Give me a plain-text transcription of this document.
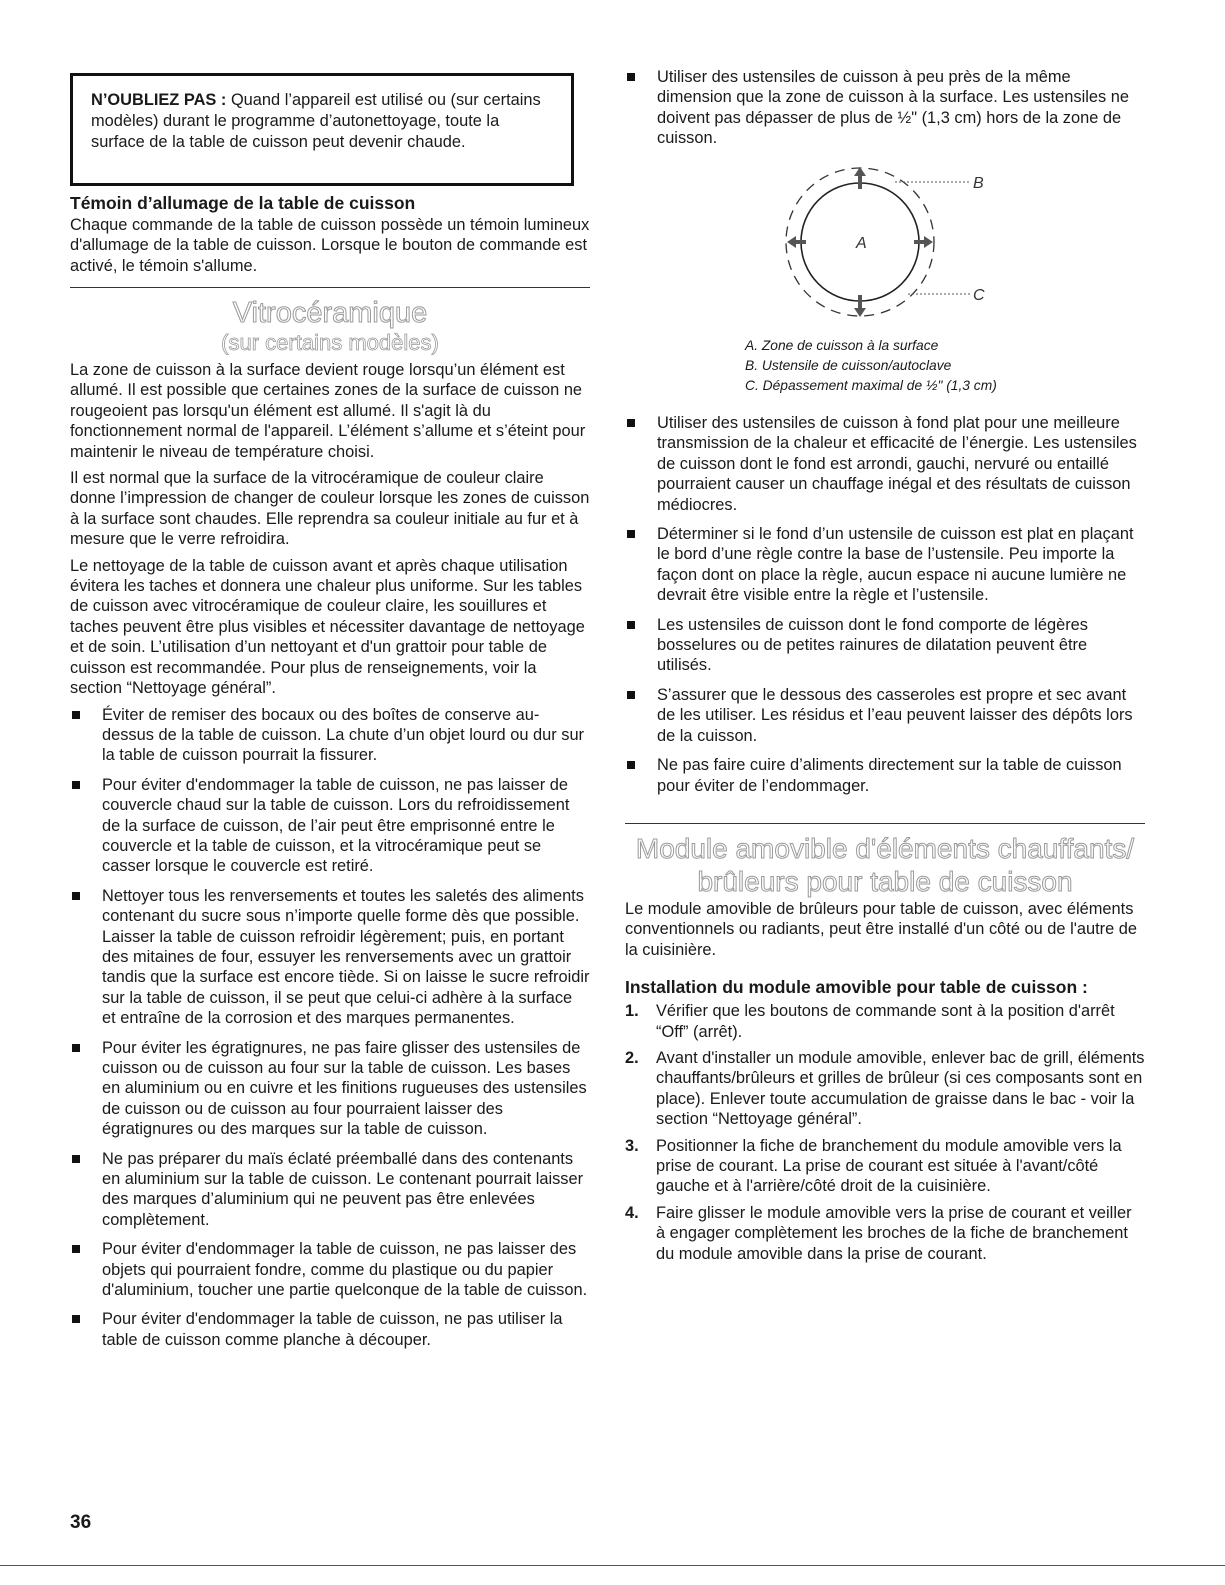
N’OUBLIEZ PAS : Quand l’appareil est utilisé ou (sur certains modèles) durant le programme d’autonettoyage, toute la surface de la table de cuisson peut devenir chaude.

Témoin d’allumage de la table de cuisson

Chaque commande de la table de cuisson possède un témoin lumineux d'allumage de la table de cuisson. Lorsque le bouton de commande est activé, le témoin s'allume.

Vitrocéramique

(sur certains modèles)

La zone de cuisson à la surface devient rouge lorsqu’un élément est allumé. Il est possible que certaines zones de la surface de cuisson ne rougeoient pas lorsqu'un élément est allumé. Il s'agit là du fonctionnement normal de l'appareil. L’élément s’allume et s’éteint pour maintenir le niveau de température choisi.

Il est normal que la surface de la vitrocéramique de couleur claire donne l’impression de changer de couleur lorsque les zones de cuisson à la surface sont chaudes. Elle reprendra sa couleur initiale au fur et à mesure que le verre refroidira.

Le nettoyage de la table de cuisson avant et après chaque utilisation évitera les taches et donnera une chaleur plus uniforme. Sur les tables de cuisson avec vitrocéramique de couleur claire, les souillures et taches peuvent être plus visibles et nécessiter davantage de nettoyage et de soin. L’utilisation d’un nettoyant et d'un grattoir pour table de cuisson est recommandée. Pour plus de renseignements, voir la section “Nettoyage général”.

Éviter de remiser des bocaux ou des boîtes de conserve au-dessus de la table de cuisson. La chute d’un objet lourd ou dur sur la table de cuisson pourrait la fissurer.

Pour éviter d'endommager la table de cuisson, ne pas laisser de couvercle chaud sur la table de cuisson. Lors du refroidissement de la surface de cuisson, de l’air peut être emprisonné entre le couvercle et la table de cuisson, et la vitrocéramique peut se casser lorsque le couvercle est retiré.

Nettoyer tous les renversements et toutes les saletés des aliments contenant du sucre sous n’importe quelle forme dès que possible. Laisser la table de cuisson refroidir légèrement; puis, en portant des mitaines de four, essuyer les renversements avec un grattoir tandis que la surface est encore tiède. Si on laisse le sucre refroidir sur la table de cuisson, il se peut que celui-ci adhère à la surface et entraîne de la corrosion et des marques permanentes.

Pour éviter les égratignures, ne pas faire glisser des ustensiles de cuisson ou de cuisson au four sur la table de cuisson. Les bases en aluminium ou en cuivre et les finitions rugueuses des ustensiles de cuisson ou de cuisson au four pourraient laisser des égratignures ou des marques sur la table de cuisson.

Ne pas préparer du maïs éclaté préemballé dans des contenants en aluminium sur la table de cuisson. Le contenant pourrait laisser des marques d’aluminium qui ne peuvent pas être enlevées complètement.

Pour éviter d'endommager la table de cuisson, ne pas laisser des objets qui pourraient fondre, comme du plastique ou du papier d'aluminium, toucher une partie quelconque de la table de cuisson.

Pour éviter d'endommager la table de cuisson, ne pas utiliser la table de cuisson comme planche à découper.

Utiliser des ustensiles de cuisson à peu près de la même dimension que la zone de cuisson à la surface. Les ustensiles ne doivent pas dépasser de plus de ½" (1,3 cm) hors de la zone de cuisson.

A
B
C

A. Zone de cuisson à la surface

B. Ustensile de cuisson/autoclave

C. Dépassement maximal de ½" (1,3 cm)

Utiliser des ustensiles de cuisson à fond plat pour une meilleure transmission de la chaleur et efficacité de l’énergie. Les ustensiles de cuisson dont le fond est arrondi, gauchi, nervuré ou entaillé pourraient causer un chauffage inégal et des résultats de cuisson médiocres.

Déterminer si le fond d’un ustensile de cuisson est plat en plaçant le bord d’une règle contre la base de l’ustensile. Peu importe la façon dont on place la règle, aucun espace ni aucune lumière ne devrait être visible entre la règle et l’ustensile.

Les ustensiles de cuisson dont le fond comporte de légères bosselures ou de petites rainures de dilatation peuvent être utilisés.

S’assurer que le dessous des casseroles est propre et sec avant de les utiliser. Les résidus et l’eau peuvent laisser des dépôts lors de la cuisson.

Ne pas faire cuire d’aliments directement sur la table de cuisson pour éviter de l’endommager.

Module amovible d'éléments chauffants/

brûleurs pour table de cuisson

Le module amovible de brûleurs pour table de cuisson, avec éléments conventionnels ou radiants, peut être installé d'un côté ou de l'autre de la cuisinière.

Installation du module amovible pour table de cuisson :

1. Vérifier que les boutons de commande sont à la position d'arrêt “Off” (arrêt).

2. Avant d'installer un module amovible, enlever bac de grill, éléments chauffants/brûleurs et grilles de brûleur (si ces composants sont en place). Enlever toute accumulation de graisse dans le bac - voir la section “Nettoyage général”.

3. Positionner la fiche de branchement du module amovible vers la prise de courant. La prise de courant est située à l'avant/côté gauche et à l'arrière/côté droit de la cuisinière.

4. Faire glisser le module amovible vers la prise de courant et veiller à engager complètement les broches de la fiche de branchement du module amovible dans la prise de courant.

36
